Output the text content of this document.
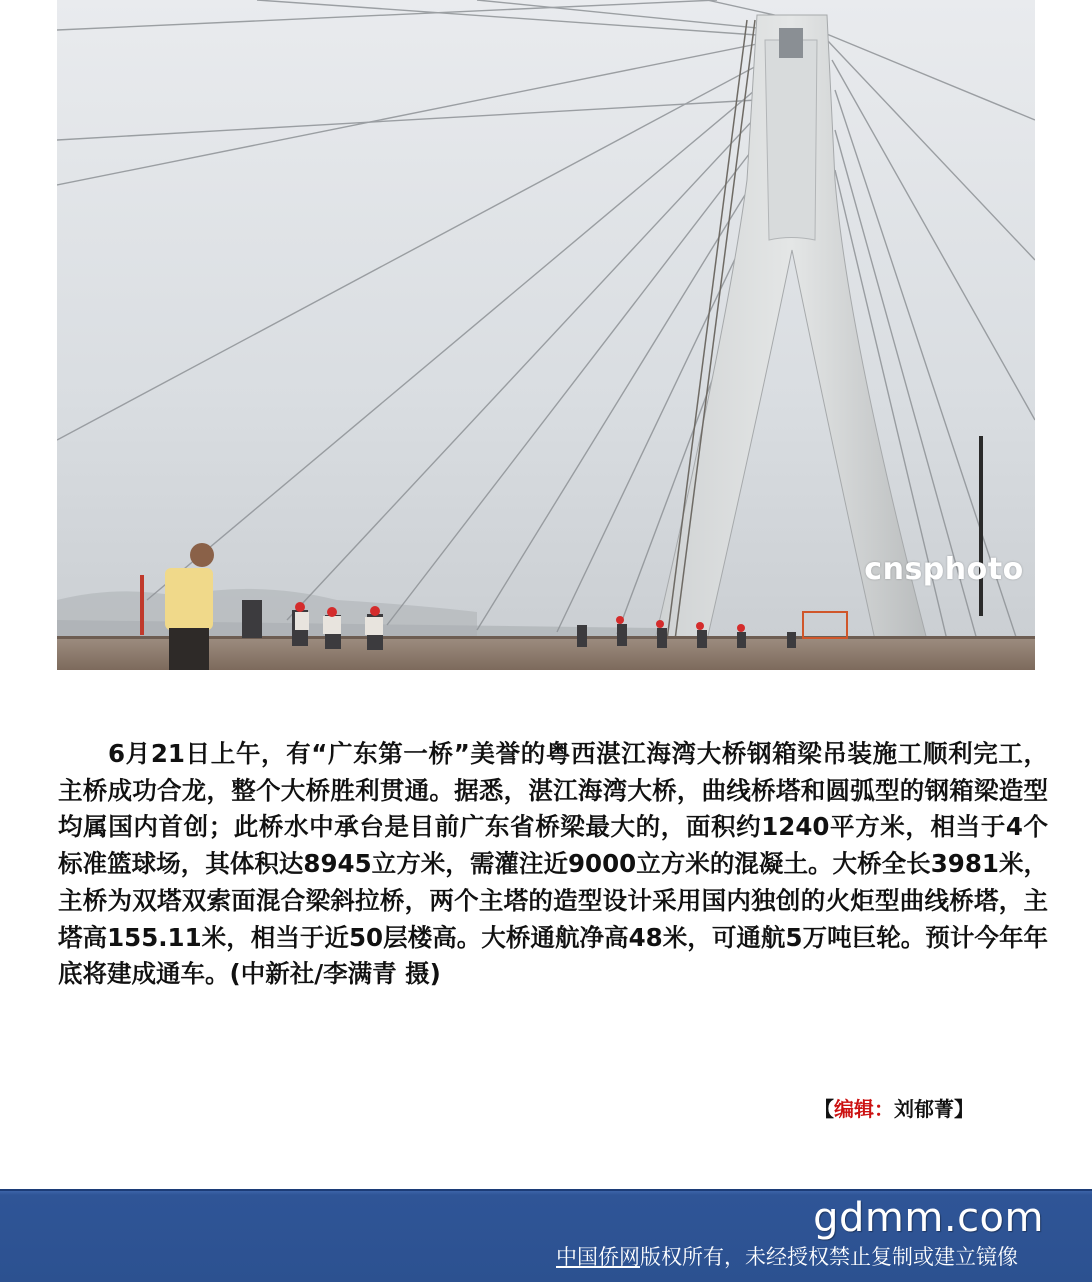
cnsphoto
6月21日上午，有“广东第一桥”美誉的粤西湛江海湾大桥钢箱梁吊装施工顺利完工，主桥成功合龙，整个大桥胜利贯通。据悉，湛江海湾大桥，曲线桥塔和圆弧型的钢箱梁造型均属国内首创；此桥水中承台是目前广东省桥梁最大的，面积约1240平方米，相当于4个标准篮球场，其体积达8945立方米，需灌注近9000立方米的混凝土。大桥全长3981米，主桥为双塔双索面混合梁斜拉桥，两个主塔的造型设计采用国内独创的火炬型曲线桥塔，主塔高155.11米，相当于近50层楼高。大桥通航净高48米，可通航5万吨巨轮。预计今年年底将建成通车。(中新社/李满青 摄)
【编辑：刘郁菁】
gdmm.com
中国侨网版权所有，未经授权禁止复制或建立镜像
